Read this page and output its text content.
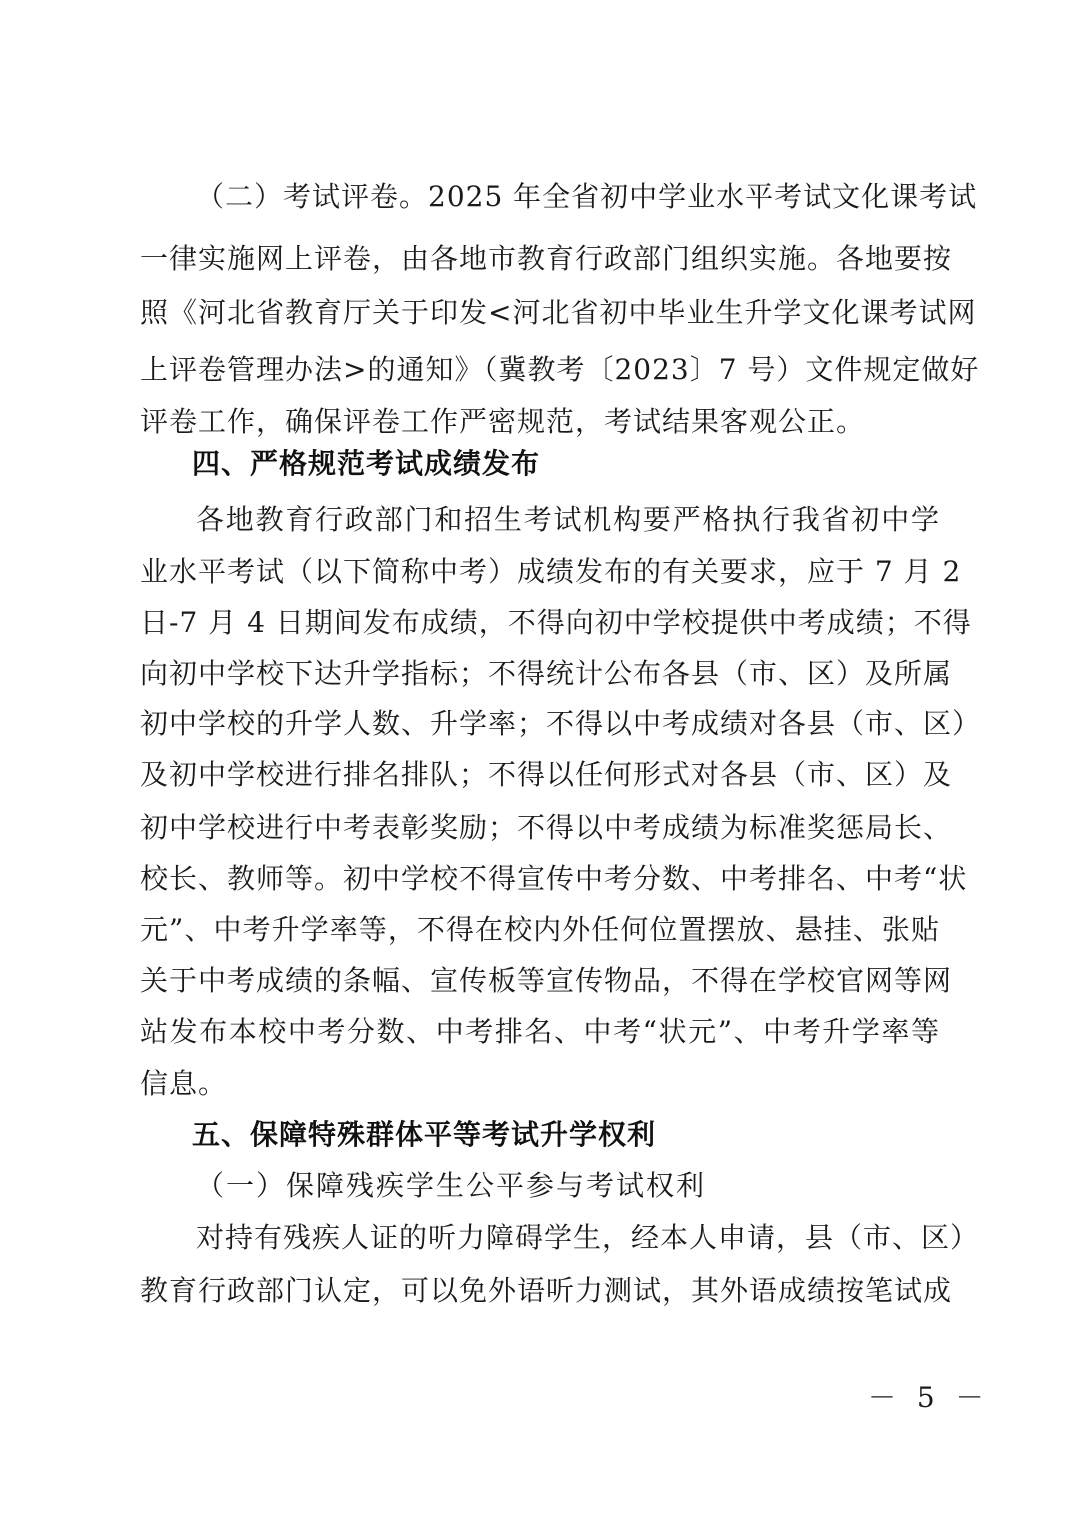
（二）考试评卷。2025 年全省初中学业水平考试文化课考试
一律实施网上评卷，由各地市教育行政部门组织实施。各地要按
照《河北省教育厅关于印发<河北省初中毕业生升学文化课考试网
上评卷管理办法>的通知》（冀教考〔2023〕7 号）文件规定做好
评卷工作，确保评卷工作严密规范，考试结果客观公正。
四、严格规范考试成绩发布
各地教育行政部门和招生考试机构要严格执行我省初中学
业水平考试（以下简称中考）成绩发布的有关要求，应于 7 月 2
日-7 月 4 日期间发布成绩，不得向初中学校提供中考成绩；不得
向初中学校下达升学指标；不得统计公布各县（市、区）及所属
初中学校的升学人数、升学率；不得以中考成绩对各县（市、区）
及初中学校进行排名排队；不得以任何形式对各县（市、区）及
初中学校进行中考表彰奖励；不得以中考成绩为标准奖惩局长、
校长、教师等。初中学校不得宣传中考分数、中考排名、中考“状
元”、中考升学率等，不得在校内外任何位置摆放、悬挂、张贴
关于中考成绩的条幅、宣传板等宣传物品，不得在学校官网等网
站发布本校中考分数、中考排名、中考“状元”、中考升学率等
信息。
五、保障特殊群体平等考试升学权利
（一）保障残疾学生公平参与考试权利
对持有残疾人证的听力障碍学生，经本人申请，县（市、区）
教育行政部门认定，可以免外语听力测试，其外语成绩按笔试成
－ 5 －
